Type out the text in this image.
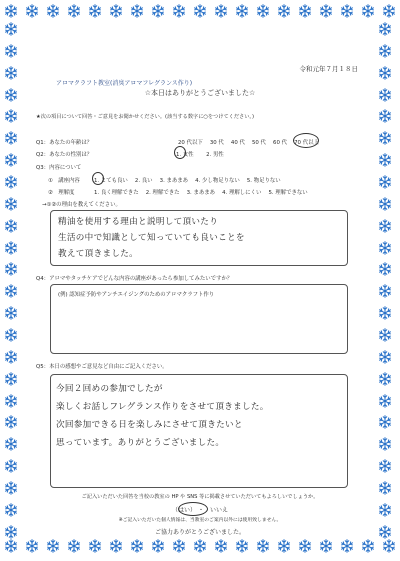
令和元年７月１８日
アロマクラフト教室(消臭アロマフレグランス作り)
☆本日はありがとうございました☆
★次の項目について回答・ご意見をお聞かせください。(該当する数字に○をつけてください。)
Q1：あなたの年齢は？	20 代以下 　30 代 　40 代 　50 代 　60 代 　70 代以上
Q2：あなたの性別は？	1. 女性 　　2. 男性
Q3：内容について
①　講座内容	1. とても良い 　2. 良い 　3. まあまあ 　4. 少し物足りない 　5. 物足りない
②　理解度	1. 良く理解できた 　2. 理解できた 　3. まあまあ 　4. 理解しにくい 　5. 理解できない
→①②の理由を教えてください。
精油を使用する理由と説明して頂いたり
生活の中で知識として知っていても良いことを
教えて頂きました。
Q4：アロマやタッチケアでどんな内容の講座があったら参加してみたいですか？
(例) 認知症予防やアンチエイジングのためのアロマクラフト作り
Q5：本日の感想やご意見など自由にご記入ください。
今回２回めの参加でしたが
楽しくお話しフレグランス作りをさせて頂きました。
次回参加できる日を楽しみにさせて頂きたいと
思っています。ありがとうございました。
ご記入いただいた回答を当校の教室の HP や SNS 等に掲載させていただいてもよろしいでしょうか。
（はい） ・　いいえ
※ご記入いただいた個人情報は、当教室のご案内以外には使用致しません。
ご協力ありがとうございました。
